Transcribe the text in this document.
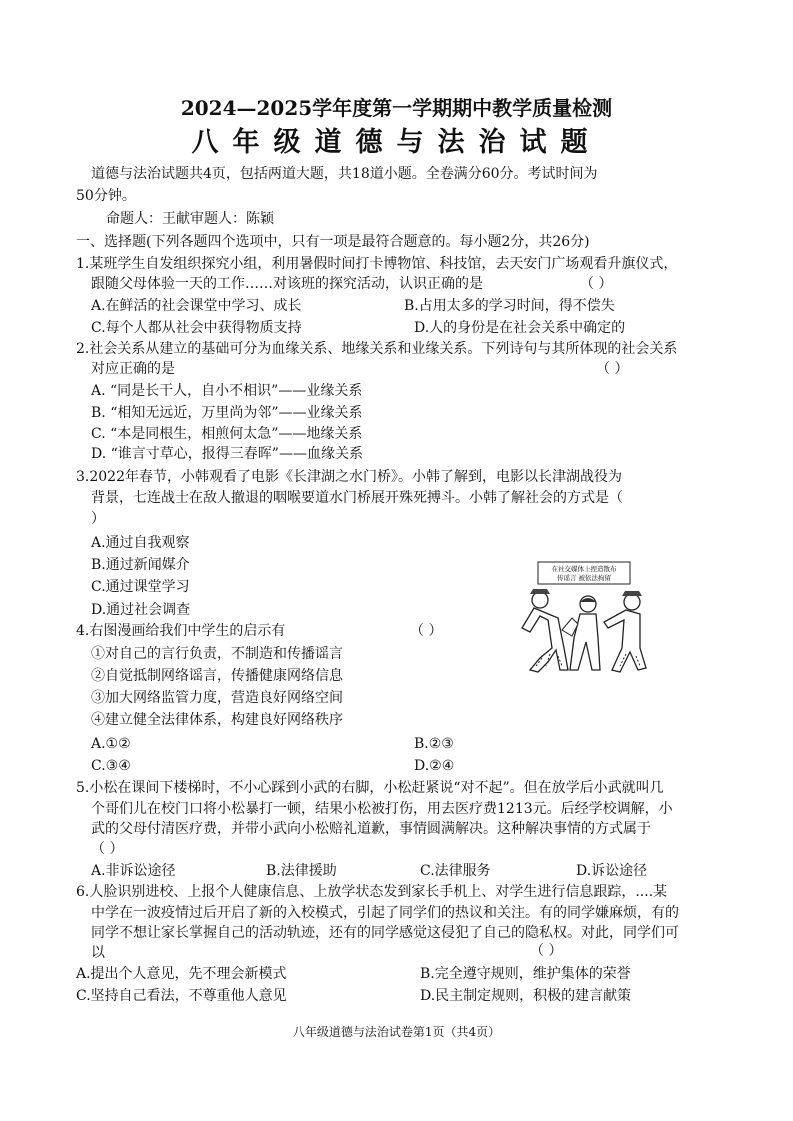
2024—2025学年度第一学期期中教学质量检测
八年级道德与法治试题
道德与法治试题共4页，包括两道大题，共18道小题。全卷满分60分。考试时间为
50分钟。
命题人：王献审题人：陈颖
一、选择题(下列各题四个选项中，只有一项是最符合题意的。每小题2分，共26分)
1.某班学生自发组织探究小组，利用暑假时间打卡博物馆、科技馆，去天安门广场观看升旗仪式，
跟随父母体验一天的工作……对该班的探究活动，认识正确的是	（ ）
A.在鲜活的社会课堂中学习、成长	B.占用太多的学习时间，得不偿失
C.每个人都从社会中获得物质支持	D.人的身份是在社会关系中确定的
2.社会关系从建立的基础可分为血缘关系、地缘关系和业缘关系。下列诗句与其所体现的社会关系
对应正确的是	（ ）
A. “同是长干人，自小不相识”——业缘关系
B. “相知无远近，万里尚为邻”——业缘关系
C. “本是同根生，相煎何太急”——地缘关系
D. “谁言寸草心，报得三春晖”——血缘关系
3.2022年春节，小韩观看了电影《长津湖之水门桥》。小韩了解到，电影以长津湖战役为
背景，七连战士在敌人撤退的咽喉要道水门桥展开殊死搏斗。小韩了解社会的方式是（
）
A.通过自我观察
B.通过新闻媒介
C.通过课堂学习
D.通过社会调查
在社交媒体上捏造散布
传谣言 被依法拘留
4.右图漫画给我们中学生的启示有	（ ）
①对自己的言行负责，不制造和传播谣言
②自觉抵制网络谣言，传播健康网络信息
③加大网络监管力度，营造良好网络空间
④建立健全法律体系，构建良好网络秩序
A.①②	B.②③
C.③④	D.②④
5.小松在课间下楼梯时，不小心踩到小武的右脚，小松赶紧说“对不起”。但在放学后小武就叫几
个哥们儿在校门口将小松暴打一顿，结果小松被打伤，用去医疗费1213元。后经学校调解，小
武的父母付清医疗费，并带小武向小松赔礼道歉，事情圆满解决。这种解决事情的方式属于
（ ）
A.非诉讼途径	B.法律援助	C.法律服务	D.诉讼途径
6.人脸识别进校、上报个人健康信息、上放学状态发到家长手机上、对学生进行信息跟踪，....某
中学在一波疫情过后开启了新的入校模式，引起了同学们的热议和关注。有的同学嫌麻烦，有的
同学不想让家长掌握自己的活动轨迹，还有的同学感觉这侵犯了自己的隐私权。对此，同学们可
以	（ ）
A.提出个人意见，先不理会新模式	B.完全遵守规则，维护集体的荣誉
C.坚持自己看法，不尊重他人意见	D.民主制定规则，积极的建言献策
八年级道德与法治试卷第1页（共4页）
